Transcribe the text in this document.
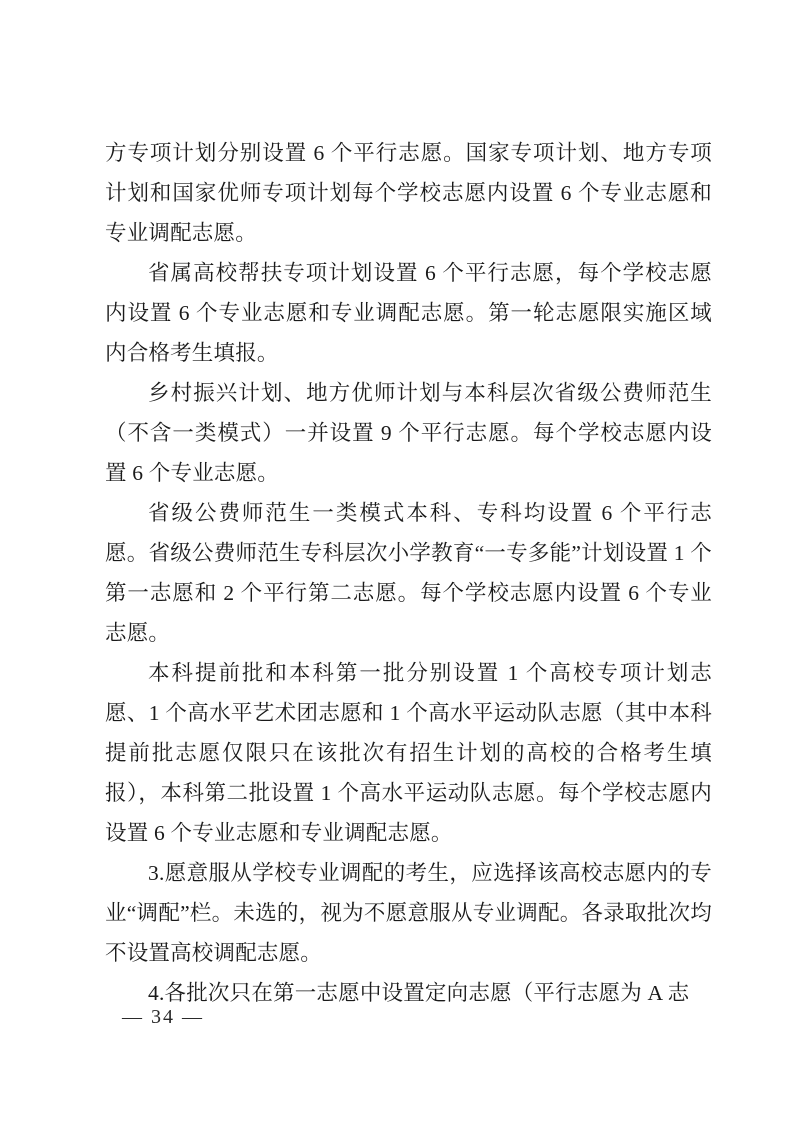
方专项计划分别设置 6 个平行志愿。国家专项计划、地方专项计划和国家优师专项计划每个学校志愿内设置 6 个专业志愿和专业调配志愿。

省属高校帮扶专项计划设置 6 个平行志愿，每个学校志愿内设置 6 个专业志愿和专业调配志愿。第一轮志愿限实施区域内合格考生填报。

乡村振兴计划、地方优师计划与本科层次省级公费师范生（不含一类模式）一并设置 9 个平行志愿。每个学校志愿内设置 6 个专业志愿。

省级公费师范生一类模式本科、专科均设置 6 个平行志愿。省级公费师范生专科层次小学教育“一专多能”计划设置 1 个第一志愿和 2 个平行第二志愿。每个学校志愿内设置 6 个专业志愿。

本科提前批和本科第一批分别设置 1 个高校专项计划志愿、1 个高水平艺术团志愿和 1 个高水平运动队志愿（其中本科提前批志愿仅限只在该批次有招生计划的高校的合格考生填报），本科第二批设置 1 个高水平运动队志愿。每个学校志愿内设置 6 个专业志愿和专业调配志愿。

3.愿意服从学校专业调配的考生，应选择该高校志愿内的专业“调配”栏。未选的，视为不愿意服从专业调配。各录取批次均不设置高校调配志愿。

4.各批次只在第一志愿中设置定向志愿（平行志愿为 A 志

— 34 —
